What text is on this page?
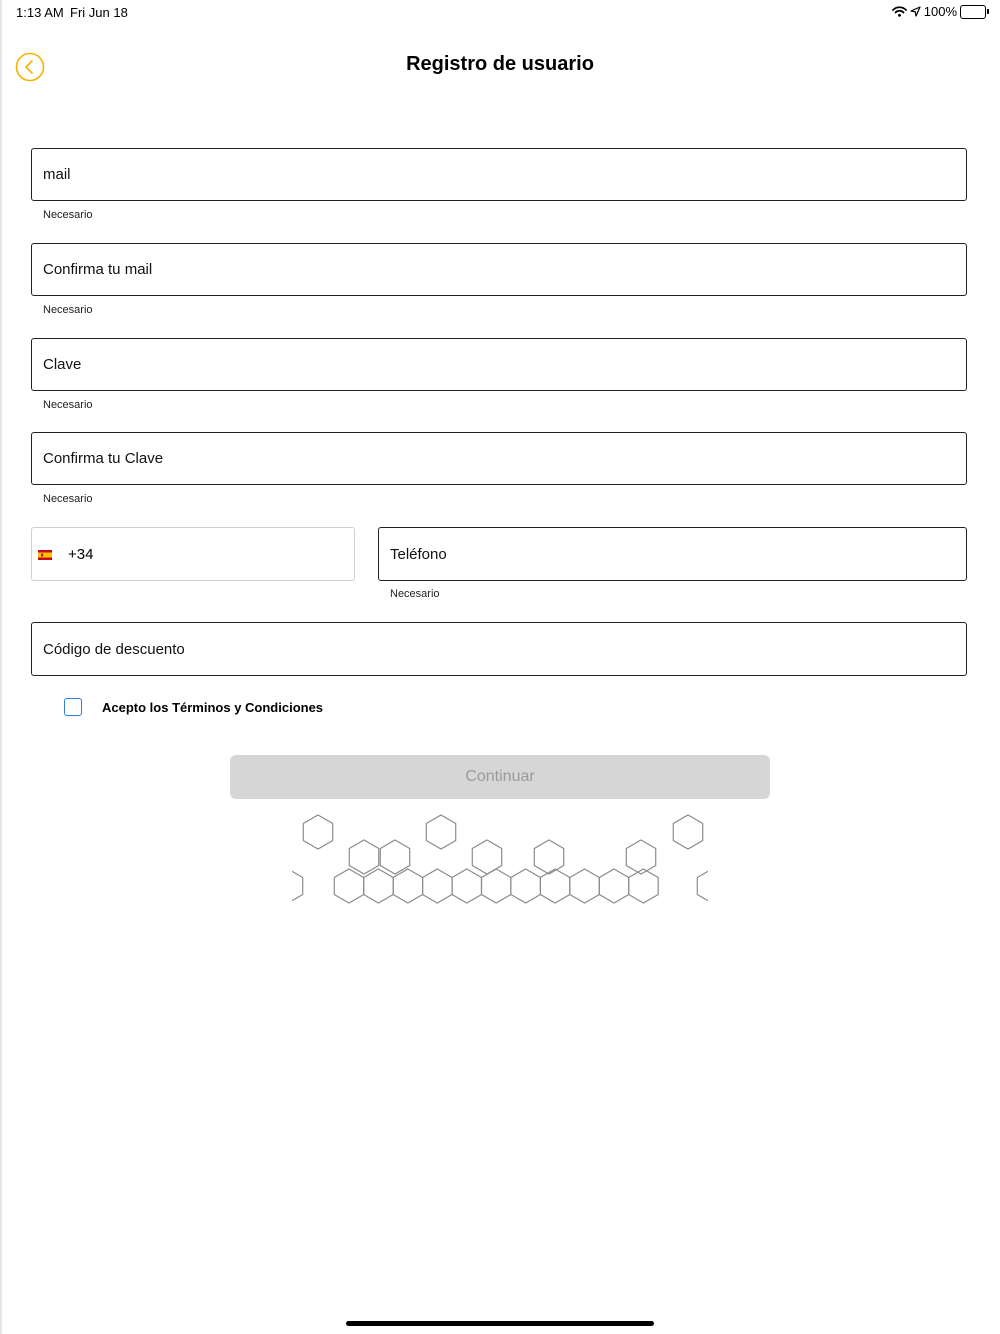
1:13 AM Fri Jun 18	100%
Registro de usuario
mail
Necesario
Confirma tu mail
Necesario
Necesario
Necesario
+34
Teléfono
Necesario
Código de descuento
Acepto los Términos y Condiciones
Continuar
